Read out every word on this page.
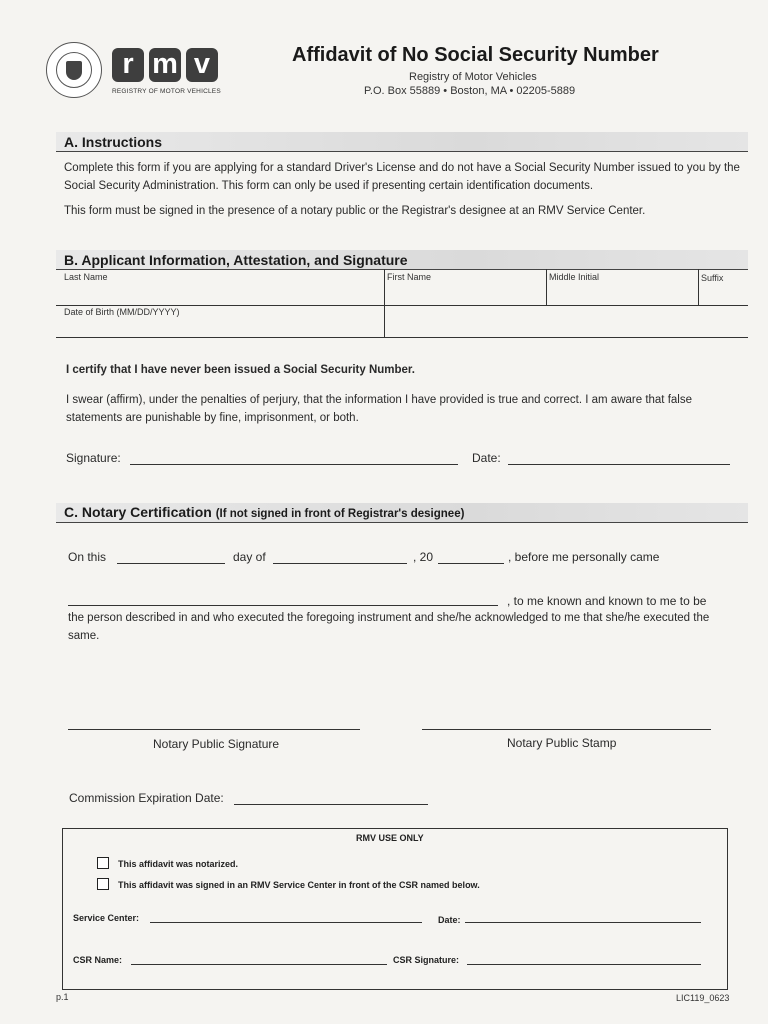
r m v
REGISTRY OF MOTOR VEHICLES
Affidavit of No Social Security Number
Registry of Motor Vehicles
P.O. Box 55889 • Boston, MA • 02205-5889
A. Instructions
Complete this form if you are applying for a standard Driver's License and do not have a Social Security Number issued to you by the Social Security Administration. This form can only be used if presenting certain identification documents.
This form must be signed in the presence of a notary public or the Registrar's designee at an RMV Service Center.
B. Applicant Information, Attestation, and Signature
Last Name	First Name	Middle Initial	Suffix
Date of Birth (MM/DD/YYYY)
I certify that I have never been issued a Social Security Number.
I swear (affirm), under the penalties of perjury, that the information I have provided is true and correct. I am aware that false statements are punishable by fine, imprisonment, or both.
Signature:	Date:
C. Notary Certification (If not signed in front of Registrar's designee)
On this	day of	, 20	, before me personally came
, to me known and known to me to be
the person described in and who executed the foregoing instrument and she/he acknowledged to me that she/he executed the same.
Notary Public Signature	Notary Public Stamp
Commission Expiration Date:
RMV USE ONLY
This affidavit was notarized.
This affidavit was signed in an RMV Service Center in front of the CSR named below.
Service Center:	Date:
CSR Name:	CSR Signature:
p.1	LIC119_0623
